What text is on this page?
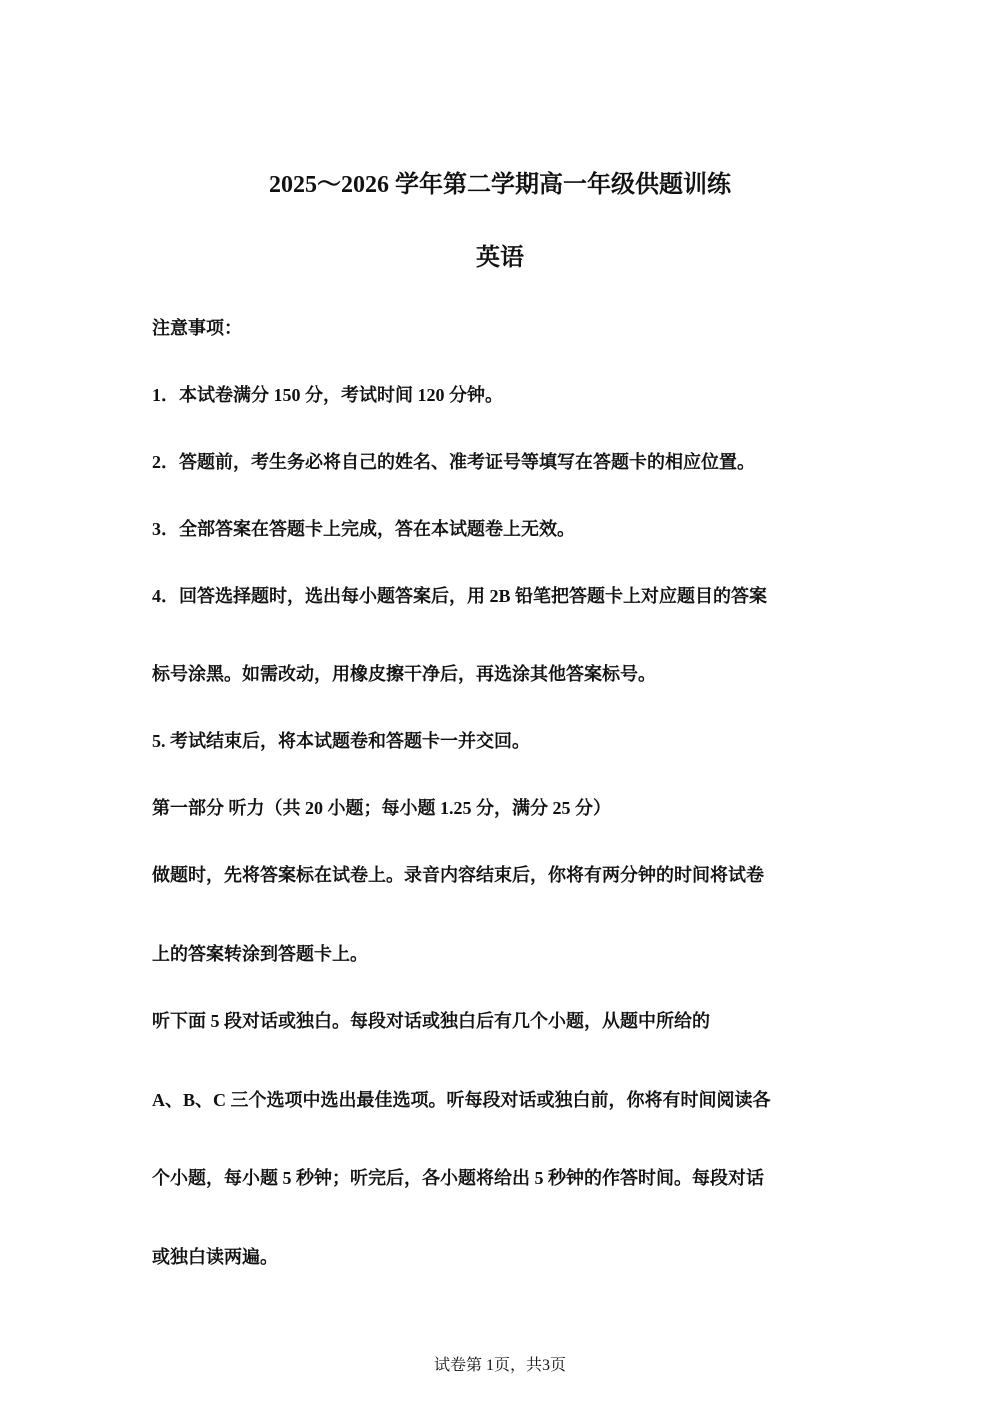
2025～2026 学年第二学期高一年级供题训练
英语
注意事项：
1．本试卷满分 150 分，考试时间 120 分钟。
2．答题前，考生务必将自己的姓名、准考证号等填写在答题卡的相应位置。
3．全部答案在答题卡上完成，答在本试题卷上无效。
4．回答选择题时，选出每小题答案后，用 2B 铅笔把答题卡上对应题目的答案
标号涂黑。如需改动，用橡皮擦干净后，再选涂其他答案标号。
5. 考试结束后，将本试题卷和答题卡一并交回。
第一部分 听力（共 20 小题；每小题 1.25 分，满分 25 分）
做题时，先将答案标在试卷上。录音内容结束后，你将有两分钟的时间将试卷
上的答案转涂到答题卡上。
听下面 5 段对话或独白。每段对话或独白后有几个小题，从题中所给的
A、B、C 三个选项中选出最佳选项。听每段对话或独白前，你将有时间阅读各
个小题，每小题 5 秒钟；听完后，各小题将给出 5 秒钟的作答时间。每段对话
或独白读两遍。
试卷第 1页，共3页
